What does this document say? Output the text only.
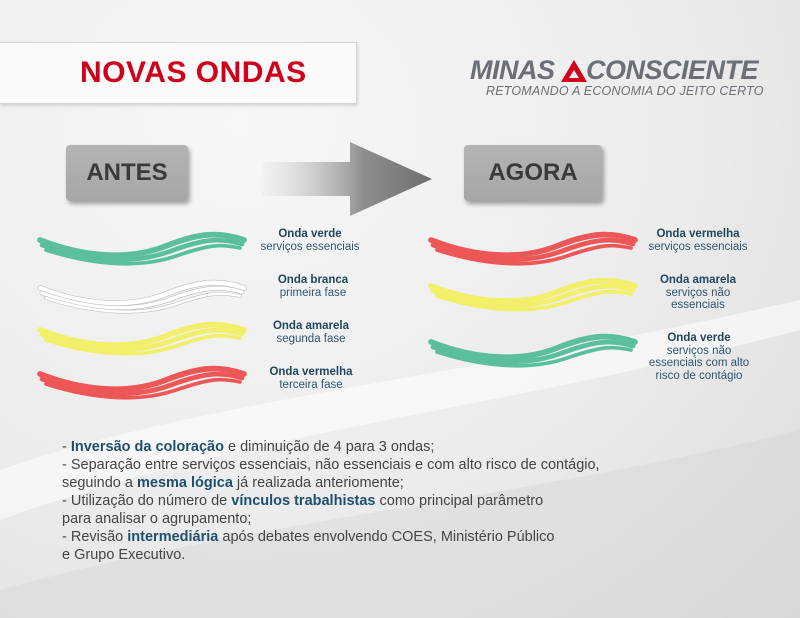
NOVAS ONDAS	MINAS CONSCIENTE
RETOMANDO A ECONOMIA DO JEITO CERTO
ANTES	AGORA
Onda verde
serviços essenciais
Onda branca
primeira fase
Onda amarela
segunda fase
Onda vermelha
terceira fase
Onda vermelha
serviços essenciais
Onda amarela
serviços não
essenciais
Onda verde
serviços não
essenciais com alto
risco de contágio

- Inversão da coloração e diminuição de 4 para 3 ondas;

- Separação entre serviços essenciais, não essenciais e com alto risco de contágio,

seguindo a mesma lógica já realizada anteriomente;

- Utilização do número de vínculos trabalhistas como principal parâmetro

para analisar o agrupamento;

- Revisão intermediária após debates envolvendo COES, Ministério Público

e Grupo Executivo.
